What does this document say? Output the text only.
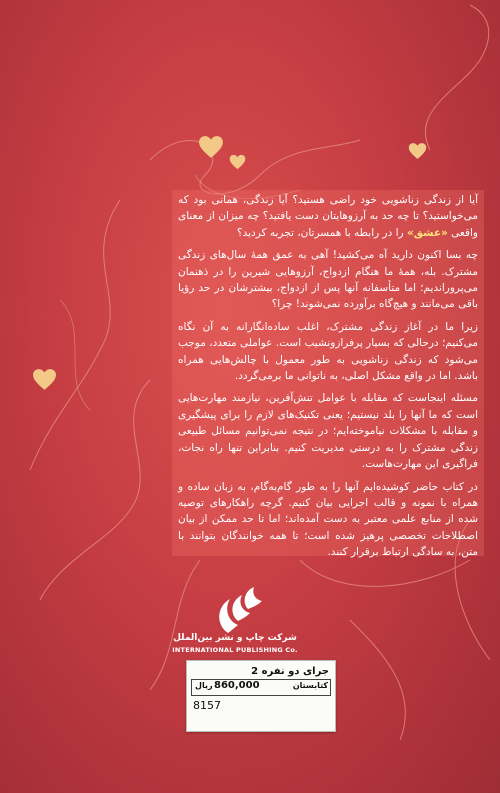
آیا از زندگی زناشویی خود راضی هستید؟ آیا زندگی، همانی بود که می‌خواستید؟ تا چه حد به آرزوهایتان دست یافتید؟ چه میزان از معنای واقعی «عشق» را در رابطه با همسرتان، تجربه کردید؟

چه بسا اکنون دارید آه می‌کشید! آهی به عمق همهٔ سال‌های زندگی مشترک. بله، همهٔ ما هنگام ازدواج، آرزوهایی شیرین را در ذهنمان می‌پروراندیم؛ اما متأسفانه آنها پس از ازدواج، بیشترشان در حد رؤیا باقی می‌مانند و هیچ‌گاه برآورده نمی‌شوند! چرا؟

زیرا ما در آغاز زندگی مشترک، اغلب ساده‌انگارانه به آن نگاه می‌کنیم؛ درحالی که بسیار پرفرازونشیب است. عواملی متعدد، موجب می‌شود که زندگی زناشویی به طور معمول با چالش‌هایی همراه باشد. اما در واقع مشکل اصلی، به ناتوانی ما برمی‌گردد.

مسئله اینجاست که مقابله با عوامل تنش‌آفرین، نیازمند مهارت‌هایی است که ما آنها را بلد نیستیم؛ یعنی تکنیک‌های لازم را برای پیشگیری و مقابله با مشکلات نیاموخته‌ایم؛ در نتیجه نمی‌توانیم مسائل طبیعی زندگی مشترک را به درستی مدیریت کنیم. بنابراین تنها راه نجات، فراگیری این مهارت‌هاست.

در کتاب حاضر کوشیده‌ایم آنها را به طور گام‌به‌گام، به زبان ساده و همراه با نمونه و قالب اجرایی بیان کنیم. گرچه راهکارهای توصیه شده از منابع علمی معتبر به دست آمده‌اند؛ اما تا حد ممکن از بیان اصطلاحات تخصصی پرهیز شده است؛ تا همه خوانندگان بتوانند با متن، به سادگی ارتباط برقرار کنند.

شرکت چاپ و نشر بین‌الملل
INTERNATIONAL PUBLISHING Co.
جرای دو نفره 2
کتابستان
860,000
ریال
8157
